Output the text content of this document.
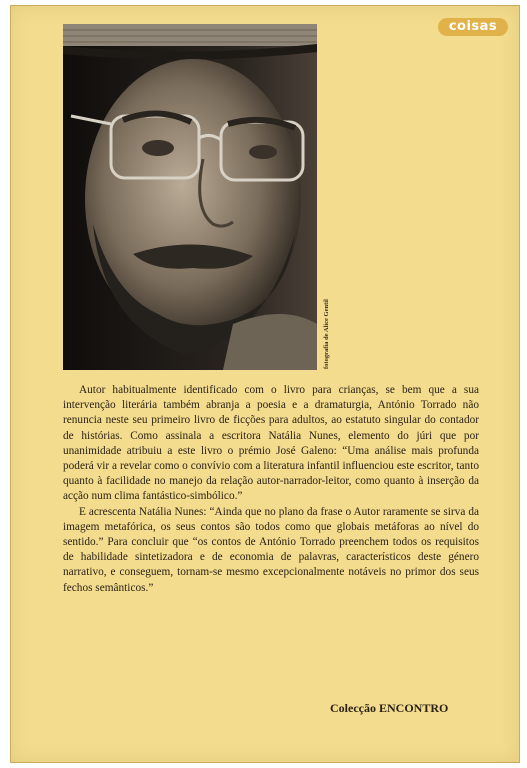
coisas
fotografia de Alice Gentil

Autor habitualmente identificado com o livro para crianças, se bem que a sua intervenção literária também abranja a poesia e a dramaturgia, António Torrado não renuncia neste seu primeiro livro de ficções para adultos, ao estatuto singular do contador de histórias. Como assinala a escritora Natália Nunes, elemento do júri que por unanimidade atribuiu a este livro o prémio José Galeno: “Uma análise mais profunda poderá vir a revelar como o convívio com a literatura infantil influenciou este escritor, tanto quanto à facilidade no manejo da relação autor-narrador-leitor, como quanto à inserção da acção num clima fantástico-simbólico.”

E acrescenta Natália Nunes: “Ainda que no plano da frase o Autor raramente se sirva da imagem metafórica, os seus contos são todos como que globais metáforas ao nível do sentido.” Para concluir que “os contos de António Torrado preenchem todos os requisitos de habilidade sintetizadora e de economia de palavras, característicos deste género narrativo, e conseguem, tornam-se mesmo excepcionalmente notáveis no primor dos seus fechos semânticos.”

Colecção ENCONTRO
